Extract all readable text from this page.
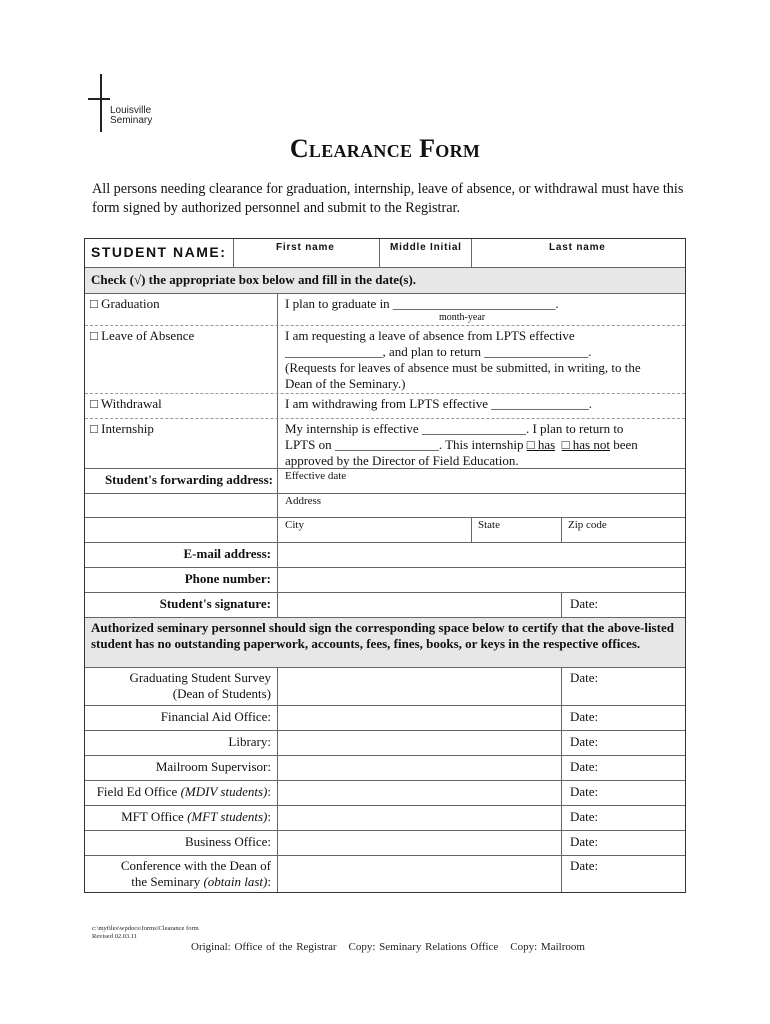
Louisville
Seminary
Clearance Form
All persons needing clearance for graduation, internship, leave of absence, or withdrawal must have this form signed by authorized personnel and submit to the Registrar.
STUDENT NAME:	First name	Middle Initial	Last name
Check (√) the appropriate box below and fill in the date(s).
□ Graduation	I plan to graduate in _________________________.
month-year
□ Leave of Absence	I am requesting a leave of absence from LPTS effective
_______________, and plan to return ________________.
(Requests for leaves of absence must be submitted, in writing, to the
Dean of the Seminary.)
□ Withdrawal	I am withdrawing from LPTS effective _______________.
□ Internship	My internship is effective ________________. I plan to return to
LPTS on ________________. This internship □ has □ has not been
approved by the Director of Field Education.
Student's forwarding address: Effective date
Address
City	State	Zip code
E-mail address:
Phone number:
Student's signature:	Date:
Authorized seminary personnel should sign the corresponding space below to certify that the above-listed student has no outstanding paperwork, accounts, fees, fines, books, or keys in the respective offices.
Graduating Student Survey
(Dean of Students)
Date:
Financial Aid Office:	Date:
Library:	Date:
Mailroom Supervisor:	Date:
Field Ed Office (MDIV students):	Date:
MFT Office (MFT students):	Date:
Business Office:	Date:
Conference with the Dean of
the Seminary (obtain last):
Date:
c:\myfiles\wpdocs\forms\Clearance form
Revised 02.03.11
Original: Office of the Registrar Copy: Seminary Relations Office Copy: Mailroom
